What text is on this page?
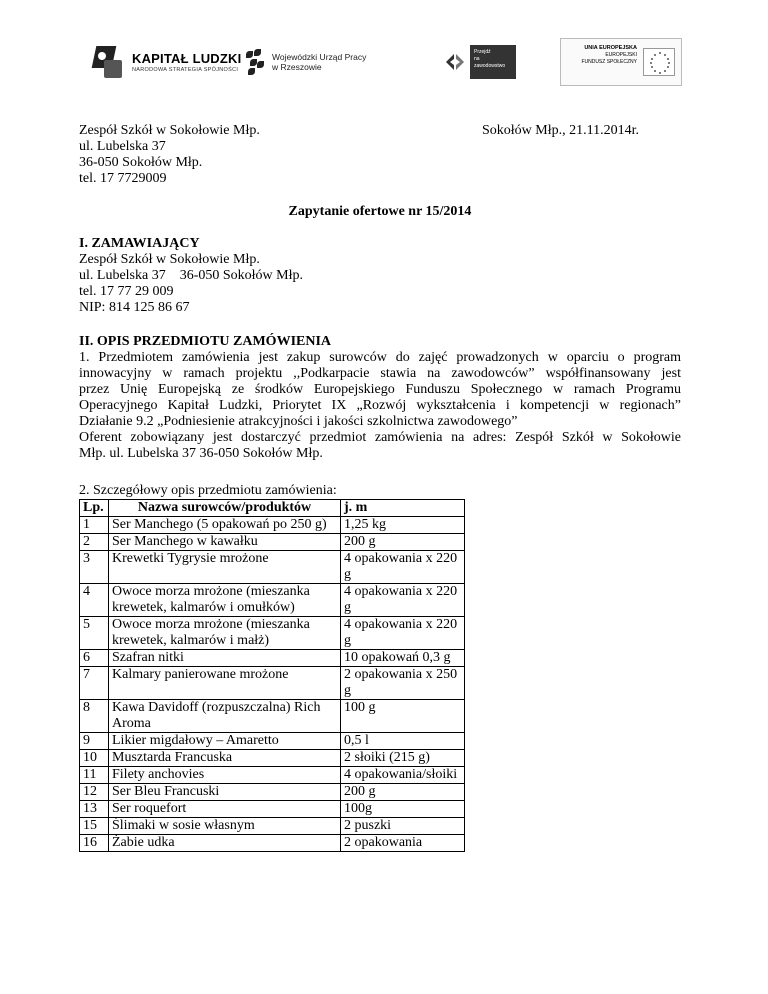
KAPITAŁ LUDZKI
NARODOWA STRATEGIA SPÓJNOŚCI
Wojewódzki Urząd Pracy
w Rzeszowie
Przejdź
na zawodowstwo
UNIA EUROPEJSKA
EUROPEJSKI
FUNDUSZ SPOŁECZNY

Zespół Szkół w Sokołowie Młp.

ul. Lubelska 37

36-050 Sokołów Młp.

tel. 17 7729009

Sokołów Młp., 21.11.2014r.

Zapytanie ofertowe nr 15/2014

I. ZAMAWIAJĄCY

Zespół Szkół w Sokołowie Młp.

ul. Lubelska 37    36-050 Sokołów Młp.

tel. 17 77 29 009

NIP: 814 125 86 67

II. OPIS PRZEDMIOTU ZAMÓWIENIA

1. Przedmiotem zamówienia jest zakup surowców do zajęć prowadzonych w oparciu o program
innowacyjny w ramach projektu ,,Podkarpacie stawia na zawodowców” współfinansowany jest
przez Unię Europejską ze środków Europejskiego Funduszu Społecznego w ramach Programu
Operacyjnego Kapitał Ludzki, Priorytet IX „Rozwój wykształcenia i kompetencji w regionach”
Działanie 9.2 „Podniesienie atrakcyjności i jakości szkolnictwa zawodowego”
Oferent zobowiązany jest dostarczyć przedmiot zamówienia na adres: Zespół Szkół w Sokołowie
Młp. ul. Lubelska 37 36-050 Sokołów Młp.

2. Szczegółowy opis przedmiotu zamówienia:

Lp.	Nazwa surowców/produktów	j. m
1	Ser Manchego (5 opakowań po 250 g)	1,25 kg
2	Ser Manchego w kawałku	200 g
3	Krewetki Tygrysie mrożone	4 opakowania x 220 g
4	Owoce morza mrożone (mieszanka krewetek, kalmarów i omułków)	4 opakowania x 220 g
5	Owoce morza mrożone (mieszanka krewetek, kalmarów i małż)	4 opakowania x 220 g
6	Szafran nitki	10 opakowań 0,3 g
7	Kalmary panierowane mrożone	2 opakowania x 250 g
8	Kawa Davidoff (rozpuszczalna) Rich Aroma	100 g
9	Likier migdałowy – Amaretto	0,5 l
10	Musztarda Francuska	2 słoiki (215 g)
11	Filety anchovies	4 opakowania/słoiki
12	Ser Bleu Francuski	200 g
13	Ser roquefort	100g
15	Ślimaki w sosie własnym	2 puszki
16	Żabie udka	2 opakowania
